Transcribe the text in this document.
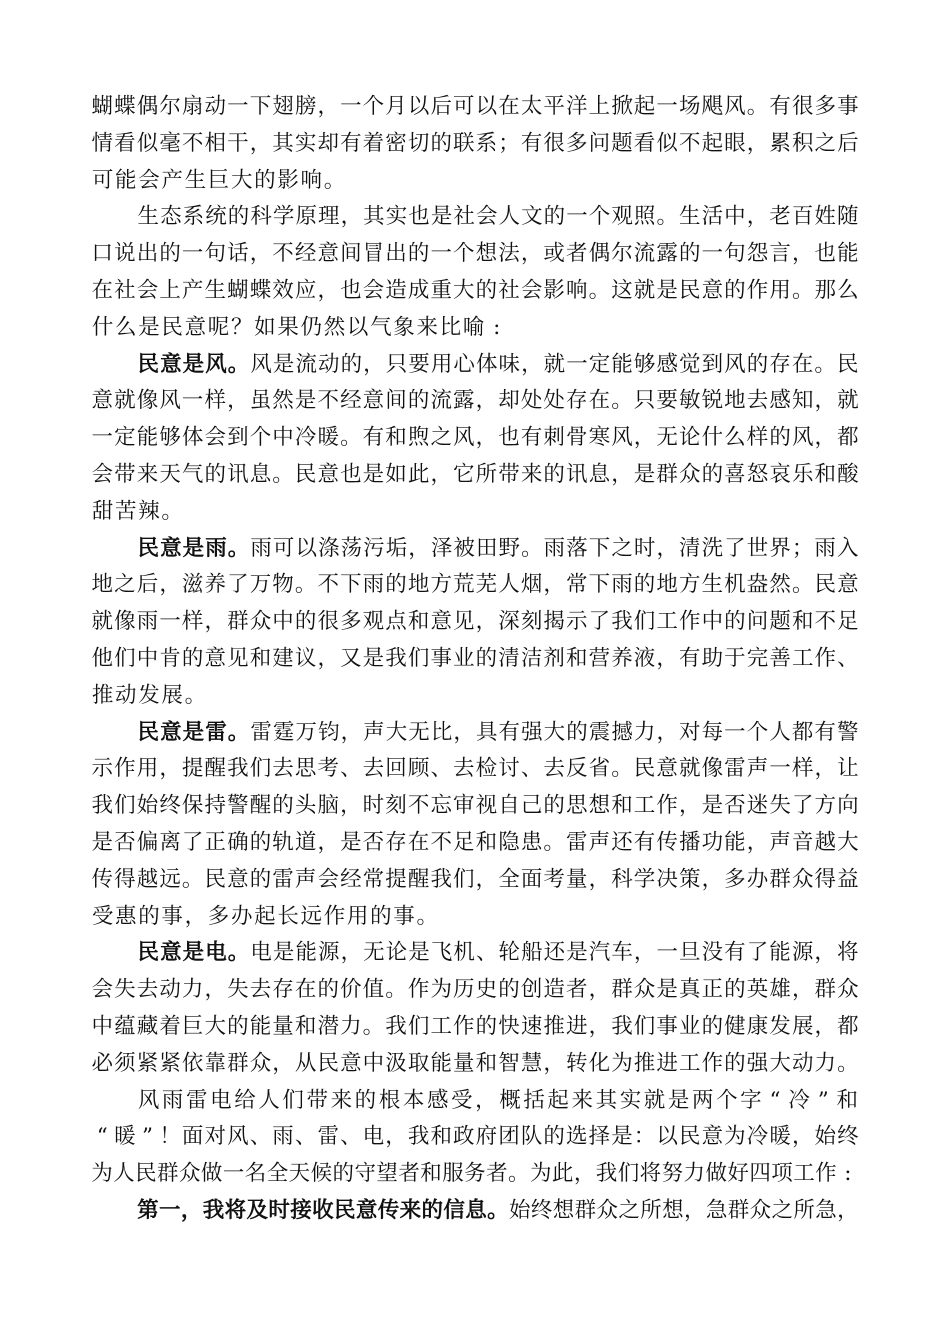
蝴 蝶 偶 尔 扇 动 一 下 翅 膀 ， 一 个 月 以 后 可 以 在 太 平 洋 上 掀 起 一 场 飓 风 。 有 很 多 事
情 看 似 毫 不 相 干 ， 其 实 却 有 着 密 切 的 联 系 ； 有 很 多 问 题 看 似 不 起 眼 ， 累 积 之 后
可 能 会 产 生 巨 大 的 影 响 。
生 态 系 统 的 科 学 原 理 ， 其 实 也 是 社 会 人 文 的 一 个 观 照 。 生 活 中 ， 老 百 姓 随
口 说 出 的 一 句 话 ， 不 经 意 间 冒 出 的 一 个 想 法 ， 或 者 偶 尔 流 露 的 一 句 怨 言 ， 也 能
在 社 会 上 产 生 蝴 蝶 效 应 ， 也 会 造 成 重 大 的 社 会 影 响 。 这 就 是 民 意 的 作 用 。 那 么
什 么 是 民 意 呢 ？ 如 果 仍 然 以 气 象 来 比 喻 :
民 意 是 风 。 风 是 流 动 的 ， 只 要 用 心 体 味 ， 就 一 定 能 够 感 觉 到 风 的 存 在 。 民
意 就 像 风 一 样 ， 虽 然 是 不 经 意 间 的 流 露 ， 却 处 处 存 在 。 只 要 敏 锐 地 去 感 知 ， 就
一 定 能 够 体 会 到 个 中 冷 暖 。 有 和 煦 之 风 ， 也 有 刺 骨 寒 风 ， 无 论 什 么 样 的 风 ， 都
会 带 来 天 气 的 讯 息 。 民 意 也 是 如 此 ， 它 所 带 来 的 讯 息 ， 是 群 众 的 喜 怒 哀 乐 和 酸
甜 苦 辣 。
民 意 是 雨 。 雨 可 以 涤 荡 污 垢 ， 泽 被 田 野 。 雨 落 下 之 时 ， 清 洗 了 世 界 ； 雨 入
地 之 后 ， 滋 养 了 万 物 。 不 下 雨 的 地 方 荒 芜 人 烟 ， 常 下 雨 的 地 方 生 机 盎 然 。 民 意
就 像 雨 一 样 ， 群 众 中 的 很 多 观 点 和 意 见 ， 深 刻 揭 示 了 我 们 工 作 中 的 问 题 和 不 足
他 们 中 肯 的 意 见 和 建 议 ， 又 是 我 们 事 业 的 清 洁 剂 和 营 养 液 ， 有 助 于 完 善 工 作 、
推 动 发 展 。
民 意 是 雷 。 雷 霆 万 钧 ， 声 大 无 比 ， 具 有 强 大 的 震 撼 力 ， 对 每 一 个 人 都 有 警
示 作 用 ， 提 醒 我 们 去 思 考 、 去 回 顾 、 去 检 讨 、 去 反 省 。 民 意 就 像 雷 声 一 样 ， 让
我 们 始 终 保 持 警 醒 的 头 脑 ， 时 刻 不 忘 审 视 自 己 的 思 想 和 工 作 ， 是 否 迷 失 了 方 向
是 否 偏 离 了 正 确 的 轨 道 ， 是 否 存 在 不 足 和 隐 患 。 雷 声 还 有 传 播 功 能 ， 声 音 越 大
传 得 越 远 。 民 意 的 雷 声 会 经 常 提 醒 我 们 ， 全 面 考 量 ， 科 学 决 策 ， 多 办 群 众 得 益
受 惠 的 事 ， 多 办 起 长 远 作 用 的 事 。
民 意 是 电 。 电 是 能 源 ， 无 论 是 飞 机 、 轮 船 还 是 汽 车 ， 一 旦 没 有 了 能 源 ， 将
会 失 去 动 力 ， 失 去 存 在 的 价 值 。 作 为 历 史 的 创 造 者 ， 群 众 是 真 正 的 英 雄 ， 群 众
中 蕴 藏 着 巨 大 的 能 量 和 潜 力 。 我 们 工 作 的 快 速 推 进 ， 我 们 事 业 的 健 康 发 展 ， 都
必 须 紧 紧 依 靠 群 众 ， 从 民 意 中 汲 取 能 量 和 智 慧 ， 转 化 为 推 进 工 作 的 强 大 动 力 。
风 雨 雷 电 给 人 们 带 来 的 根 本 感 受 ， 概 括 起 来 其 实 就 是 两 个 字 “ 冷 ” 和
“ 暖 ” ！ 面 对 风 、 雨 、 雷 、 电 ， 我 和 政 府 团 队 的 选 择 是 ： 以 民 意 为 冷 暖 ， 始 终
为 人 民 群 众 做 一 名 全 天 候 的 守 望 者 和 服 务 者 。 为 此 ， 我 们 将 努 力 做 好 四 项 工 作 :
第 一 ， 我 将 及 时 接 收 民 意 传 来 的 信 息 。 始 终 想 群 众 之 所 想 ， 急 群 众 之 所 急 ，
